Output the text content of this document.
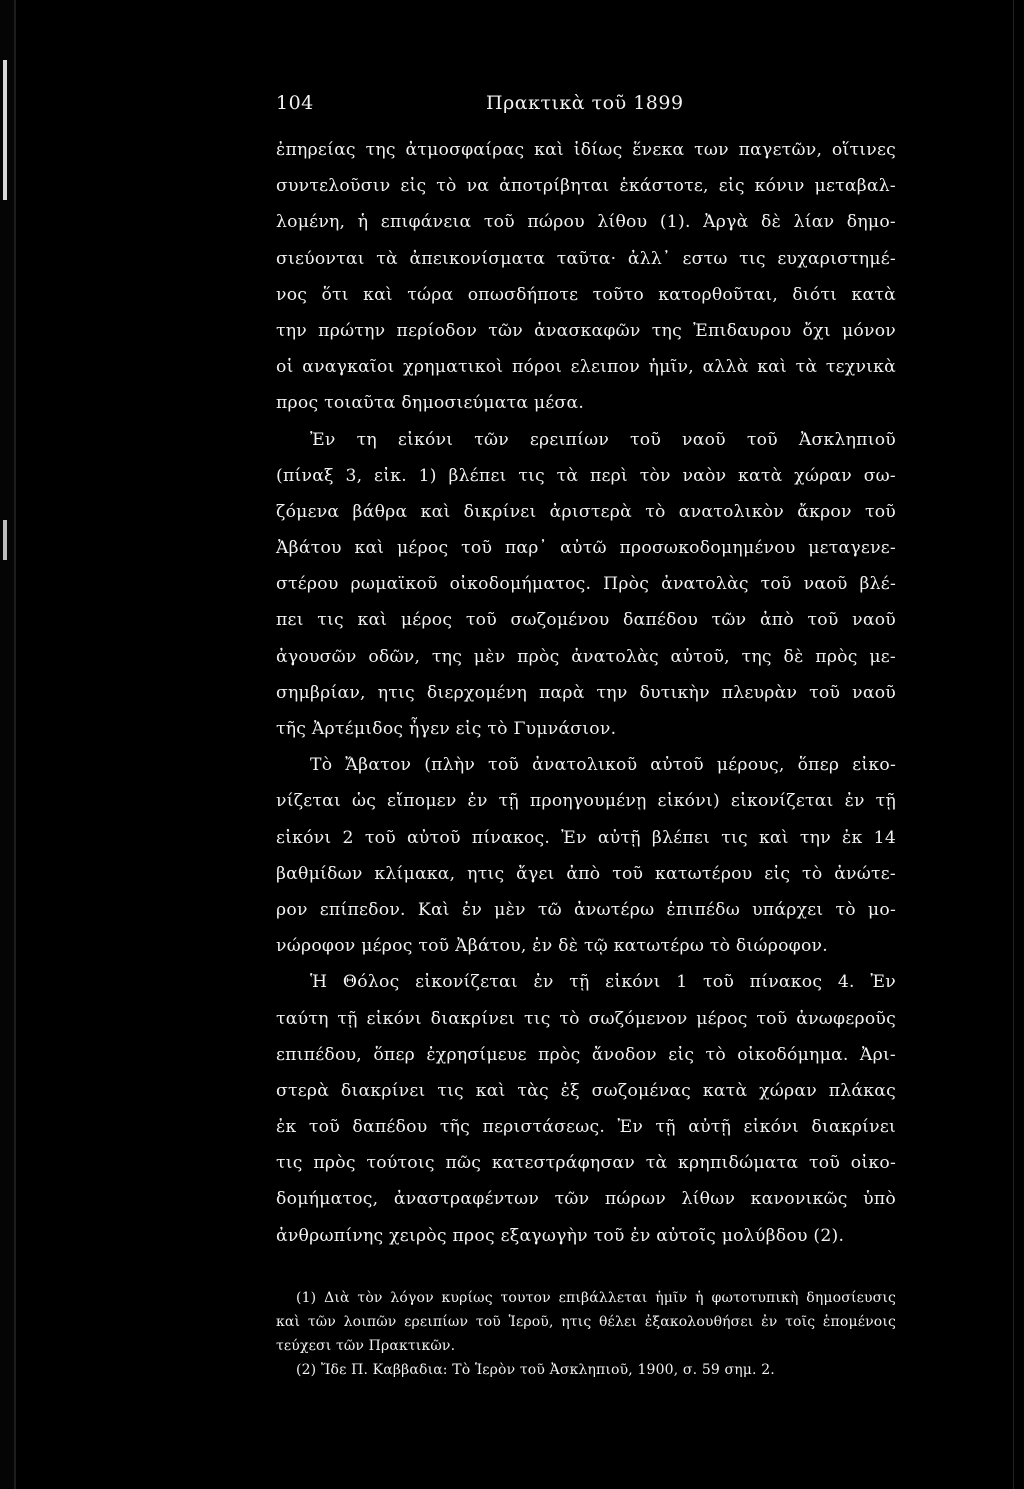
104	Πρακτικὰ τοῦ 1899
ἐπηρείας της ἀτμοσφαίρας καὶ ἰδίως ἕνεκα των παγετῶν, οἵτινες
συντελοῦσιν εἰς τὸ να ἀποτρίβηται ἑκάστοτε, εἰς κόνιν μεταβαλ-
λομένη, ἡ επιφάνεια τοῦ πώρου λίθου (1). Ἀργὰ δὲ λίαν δημο-
σιεύονται τὰ ἀπεικονίσματα ταῦτα· ἀλλ᾽ εστω τις ευχαριστημέ-
νος ὅτι καὶ τώρα οπωσδήποτε τοῦτο κατορθοῦται, διότι κατὰ
την πρώτην περίοδον τῶν ἀνασκαφῶν της Ἐπιδαυρου ὄχι μόνον
οἱ αναγκαῖοι χρηματικοὶ πόροι ελειπον ἡμῖν, αλλὰ καὶ τὰ τεχνικὰ
προς τοιαῦτα δημοσιεύματα μέσα.
Ἐν τη εἰκόνι τῶν ερειπίων τοῦ ναοῦ τοῦ Ἀσκληπιοῦ
(πίναξ 3, εἰκ. 1) βλέπει τις τὰ περὶ τὸν ναὸν κατὰ χώραν σω-
ζόμενα βάθρα καὶ δικρίνει ἀριστερὰ τὸ ανατολικὸν ἄκρον τοῦ
Ἀβάτου καὶ μέρος τοῦ παρ᾽ αὐτῶ προσωκοδομημένου μεταγενε-
στέρου ρωμαϊκοῦ οἰκοδομήματος. Πρὸς ἀνατολὰς τοῦ ναοῦ βλέ-
πει τις καὶ μέρος τοῦ σωζομένου δαπέδου τῶν ἀπὸ τοῦ ναοῦ
ἀγουσῶν οδῶν, της μὲν πρὸς ἀνατολὰς αὐτοῦ, της δὲ πρὸς με-
σημβρίαν, ητις διερχομένη παρὰ την δυτικὴν πλευρὰν τοῦ ναοῦ
τῆς Ἀρτέμιδος ἦγεν εἰς τὸ Γυμνάσιον.
Τὸ Ἄβατον (πλὴν τοῦ ἀνατολικοῦ αὐτοῦ μέρους, ὅπερ εἰκο-
νίζεται ὡς εἴπομεν ἐν τῇ προηγουμένῃ εἰκόνι) εἰκονίζεται ἐν τῇ
εἰκόνι 2 τοῦ αὐτοῦ πίνακος. Ἐν αὐτῇ βλέπει τις καὶ την ἐκ 14
βαθμίδων κλίμακα, ητις ἄγει ἀπὸ τοῦ κατωτέρου εἰς τὸ ἀνώτε-
ρον επίπεδον. Καὶ ἐν μὲν τῶ ἀνωτέρω ἐπιπέδω υπάρχει τὸ μο-
νώροφον μέρος τοῦ Ἀβάτου, ἐν δὲ τῷ κατωτέρω τὸ διώροφον.
Ἡ Θόλος εἰκονίζεται ἐν τῇ εἰκόνι 1 τοῦ πίνακος 4. Ἐν
ταύτη τῇ εἰκόνι διακρίνει τις τὸ σωζόμενον μέρος τοῦ ἀνωφεροῦς
επιπέδου, ὅπερ ἐχρησίμευε πρὸς ἄνοδον εἰς τὸ οἰκοδόμημα. Ἀρι-
στερὰ διακρίνει τις καὶ τὰς ἐξ σωζομένας κατὰ χώραν πλάκας
ἐκ τοῦ δαπέδου τῆς περιστάσεως. Ἐν τῇ αὐτῇ εἰκόνι διακρίνει
τις πρὸς τούτοις πῶς κατεστράφησαν τὰ κρηπιδώματα τοῦ οἰκο-
δομήματος, ἀναστραφέντων τῶν πώρων λίθων κανονικῶς ὑπὸ
ἀνθρωπίνης χειρὸς προς εξαγωγὴν τοῦ ἐν αὐτοῖς μολύβδου (2).
(1) Διὰ τὸν λόγον κυρίως τουτον επιβάλλεται ἡμῖν ἡ φωτοτυπικὴ δημοσίευσις
καὶ τῶν λοιπῶν ερειπίων τοῦ Ἱεροῦ, ητις θέλει ἐξακολουθήσει ἐν τοῖς ἑπομένοις
τεύχεσι τῶν Πρακτικῶν.
(2) Ἴδε Π. Καββαδια: Τὸ Ἱερὸν τοῦ Ἀσκληπιοῦ, 1900, σ. 59 σημ. 2.
